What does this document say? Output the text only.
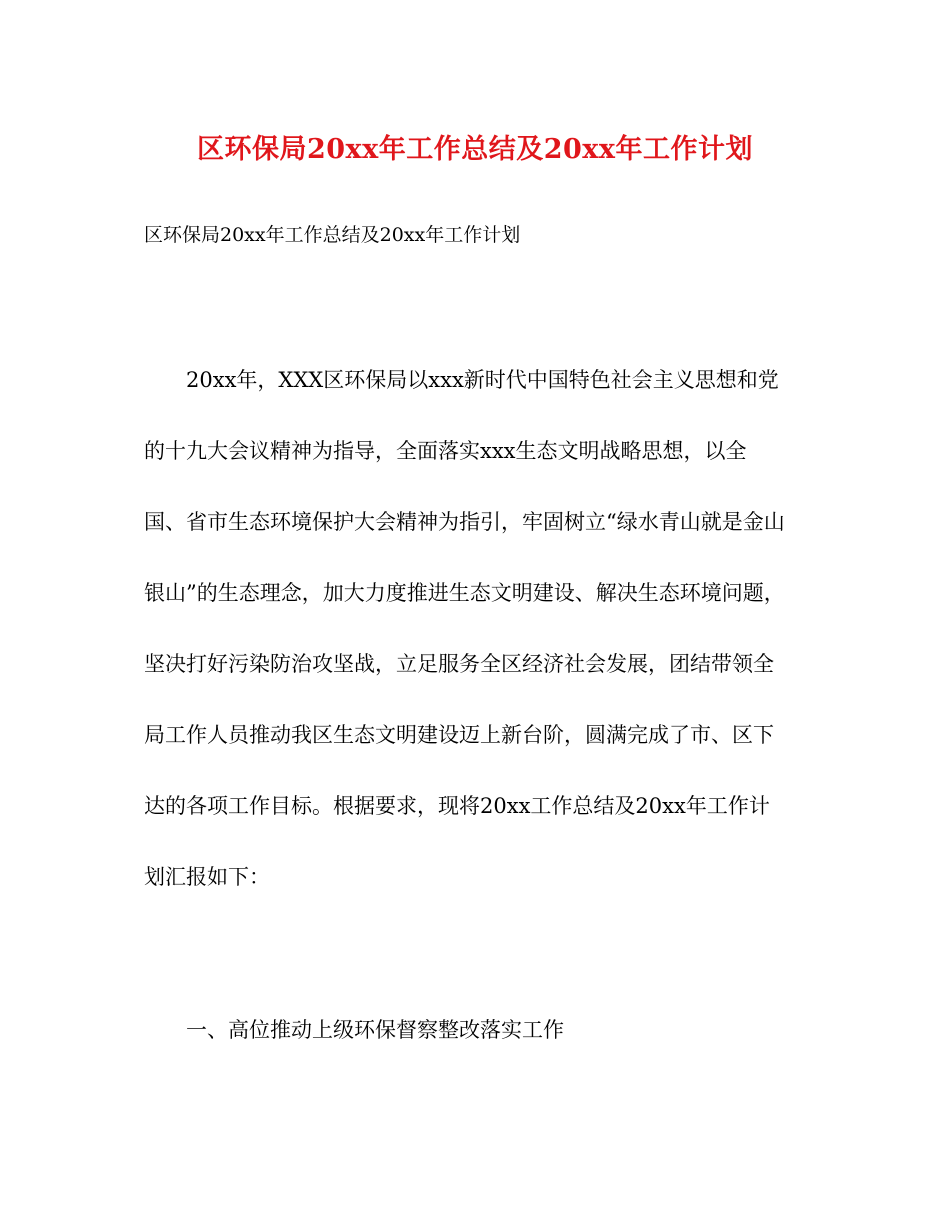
区环保局20xx年工作总结及20xx年工作计划
区环保局20xx年工作总结及20xx年工作计划
20xx年，XXX区环保局以xxx新时代中国特色社会主义思想和党
的十九大会议精神为指导，全面落实xxx生态文明战略思想，以全
国、省市生态环境保护大会精神为指引，牢固树立“绿水青山就是金山
银山”的生态理念，加大力度推进生态文明建设、解决生态环境问题，
坚决打好污染防治攻坚战，立足服务全区经济社会发展，团结带领全
局工作人员推动我区生态文明建设迈上新台阶，圆满完成了市、区下
达的各项工作目标。根据要求，现将20xx工作总结及20xx年工作计
划汇报如下：
一、高位推动上级环保督察整改落实工作
